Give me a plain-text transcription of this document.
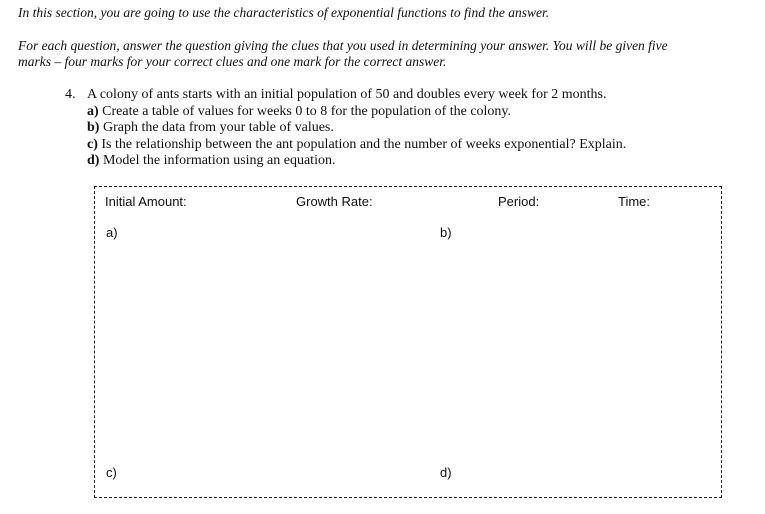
In this section, you are going to use the characteristics of exponential functions to find the answer.

For each question, answer the question giving the clues that you used in determining your answer. You will be given five

marks – four marks for your correct clues and one mark for the correct answer.

4. A colony of ants starts with an initial population of 50 and doubles every week for 2 months.
a) Create a table of values for weeks 0 to 8 for the population of the colony.
b) Graph the data from your table of values.
c) Is the relationship between the ant population and the number of weeks exponential? Explain.
d) Model the information using an equation.
Initial Amount:	Growth Rate:	Period:	Time:
a)	b)
c)	d)
